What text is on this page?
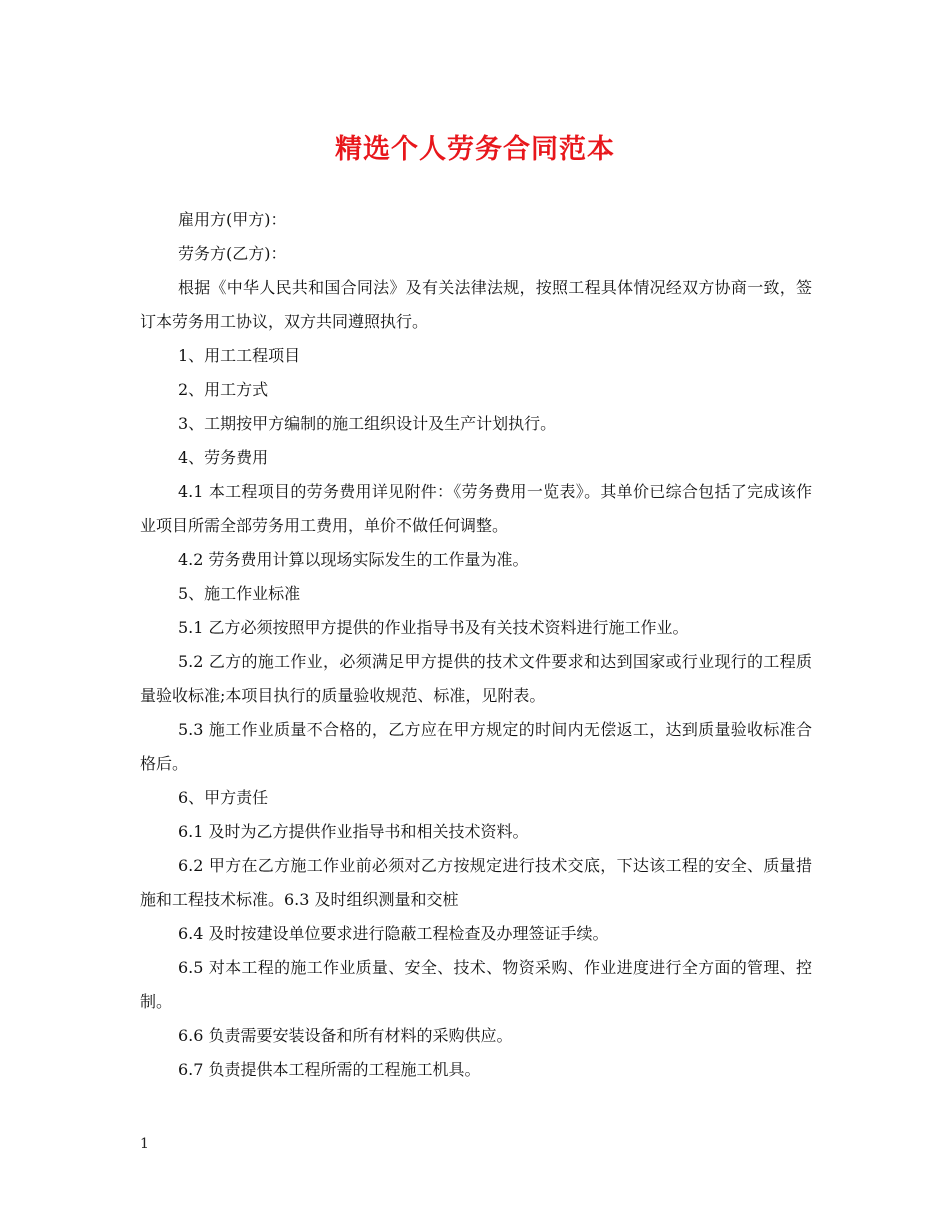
精选个人劳务合同范本

雇用方(甲方)：

劳务方(乙方)：

根据《中华人民共和国合同法》及有关法律法规，按照工程具体情况经双方协商一致，签订本劳务用工协议，双方共同遵照执行。

1、用工工程项目

2、用工方式

3、工期按甲方编制的施工组织设计及生产计划执行。

4、劳务费用

4.1 本工程项目的劳务费用详见附件：《劳务费用一览表》。其单价已综合包括了完成该作业项目所需全部劳务用工费用，单价不做任何调整。

4.2 劳务费用计算以现场实际发生的工作量为准。

5、施工作业标准

5.1 乙方必须按照甲方提供的作业指导书及有关技术资料进行施工作业。

5.2 乙方的施工作业，必须满足甲方提供的技术文件要求和达到国家或行业现行的工程质量验收标准;本项目执行的质量验收规范、标准，见附表。

5.3 施工作业质量不合格的，乙方应在甲方规定的时间内无偿返工，达到质量验收标准合格后。

6、甲方责任

6.1 及时为乙方提供作业指导书和相关技术资料。

6.2 甲方在乙方施工作业前必须对乙方按规定进行技术交底，下达该工程的安全、质量措施和工程技术标准。6.3 及时组织测量和交桩

6.4 及时按建设单位要求进行隐蔽工程检查及办理签证手续。

6.5 对本工程的施工作业质量、安全、技术、物资采购、作业进度进行全方面的管理、控制。

6.6 负责需要安装设备和所有材料的采购供应。

6.7 负责提供本工程所需的工程施工机具。

1
